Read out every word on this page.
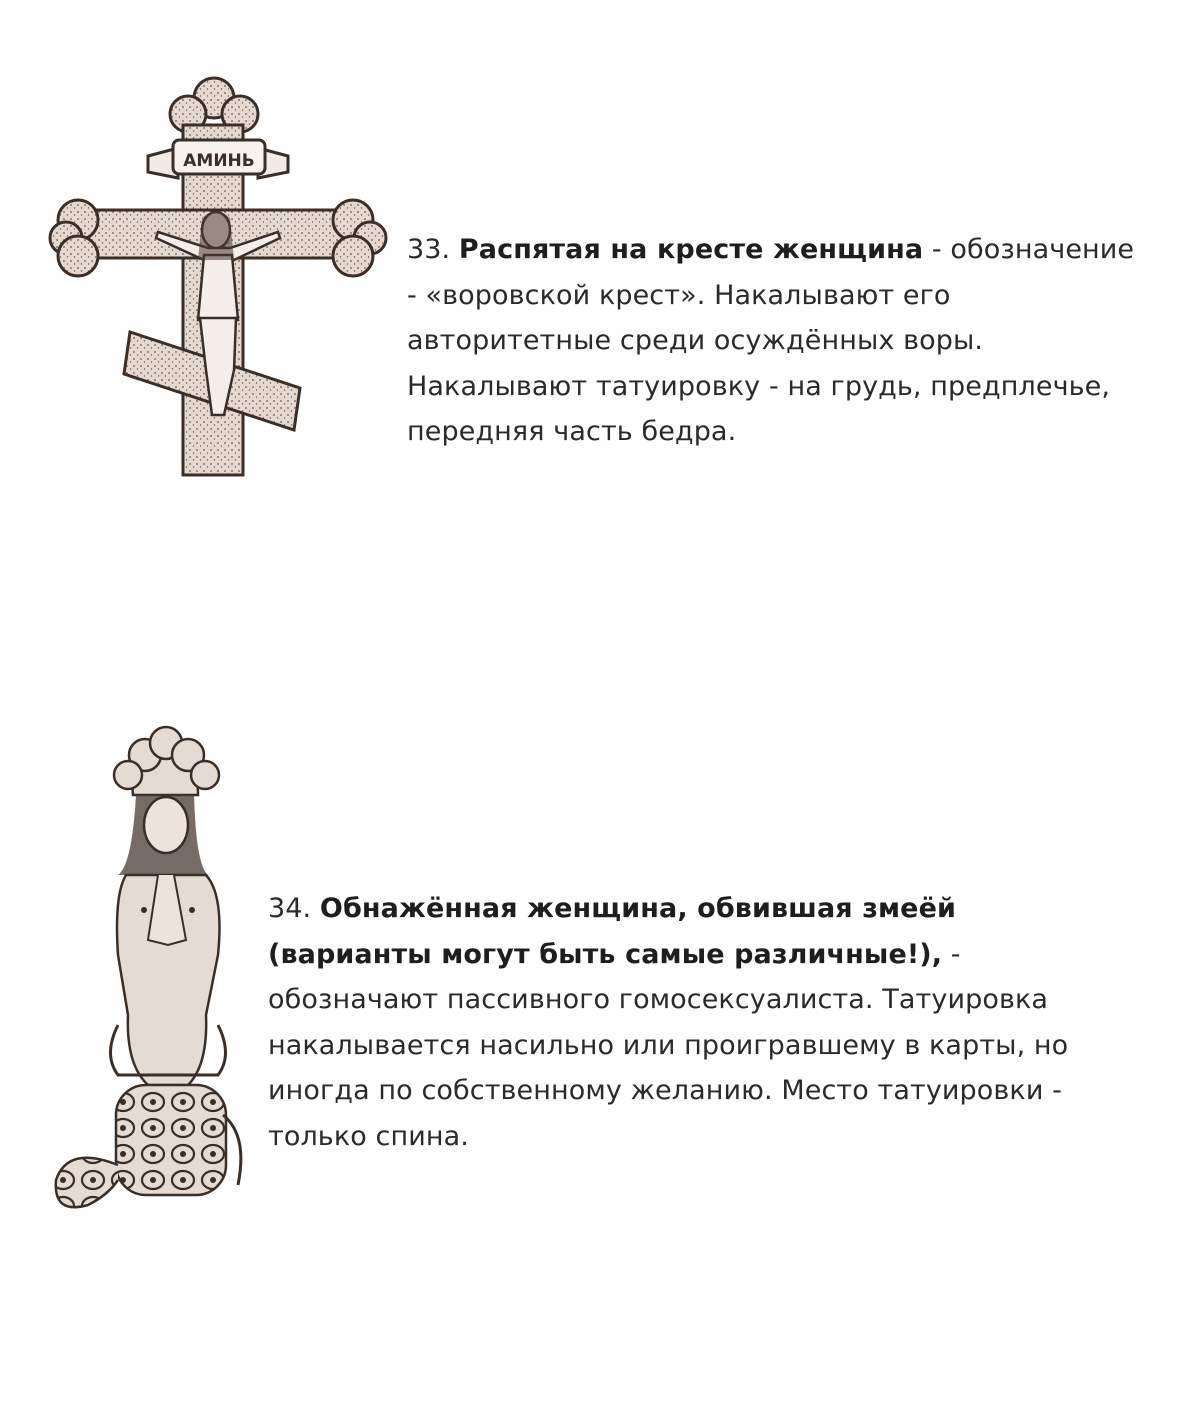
АМИНЬ
33. Распятая на кресте женщина - обозначение
- «воровской крест». Накалывают его
авторитетные среди осуждённых воры.
Накалывают татуировку - на грудь, предплечье,
передняя часть бедра.
34. Обнажённая женщина, обвившая змеёй
(варианты могут быть самые различные!), -
обозначают пассивного гомосексуалиста. Татуировка
накалывается насильно или проигравшему в карты, но
иногда по собственному желанию. Место татуировки -
только спина.
